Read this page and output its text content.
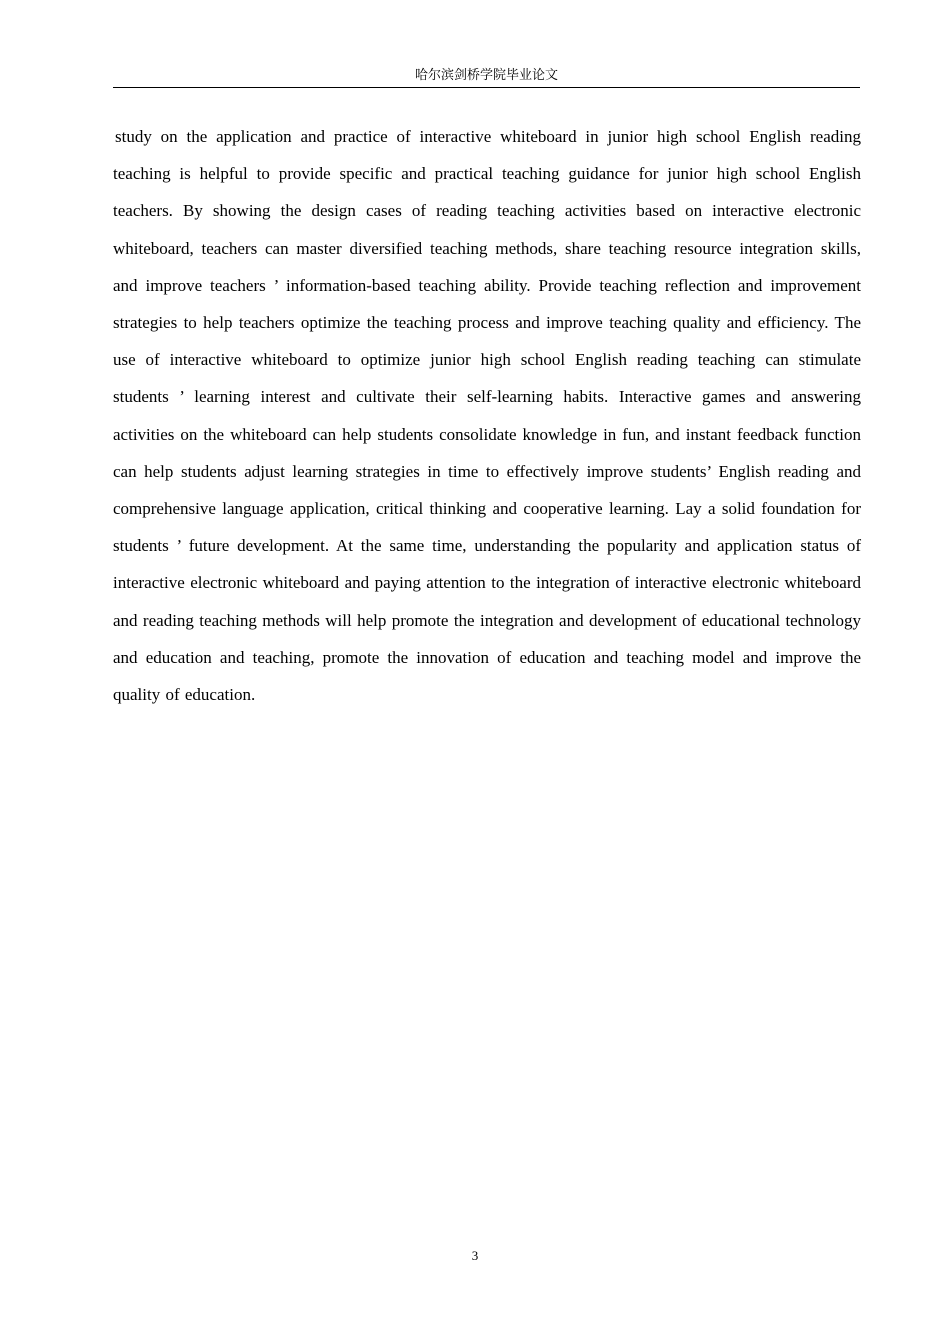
哈尔滨剑桥学院毕业论文

study on the application and practice of interactive whiteboard in junior high school English reading teaching is helpful to provide specific and practical teaching guidance for junior high school English teachers. By showing the design cases of reading teaching activities based on interactive electronic whiteboard, teachers can master diversified teaching methods, share teaching resource integration skills, and improve teachers ’ information-based teaching ability. Provide teaching reflection and improvement strategies to help teachers optimize the teaching process and improve teaching quality and efficiency. The use of interactive whiteboard to optimize junior high school English reading teaching can stimulate students ’ learning interest and cultivate their self-learning habits. Interactive games and answering activities on the whiteboard can help students consolidate knowledge in fun, and instant feedback function can help students adjust learning strategies in time to effectively improve students’ English reading and comprehensive language application, critical thinking and cooperative learning. Lay a solid foundation for students ’ future development. At the same time, understanding the popularity and application status of interactive electronic whiteboard and paying attention to the integration of interactive electronic whiteboard and reading teaching methods will help promote the integration and development of educational technology and education and teaching, promote the innovation of education and teaching model and improve the quality of education.

3
